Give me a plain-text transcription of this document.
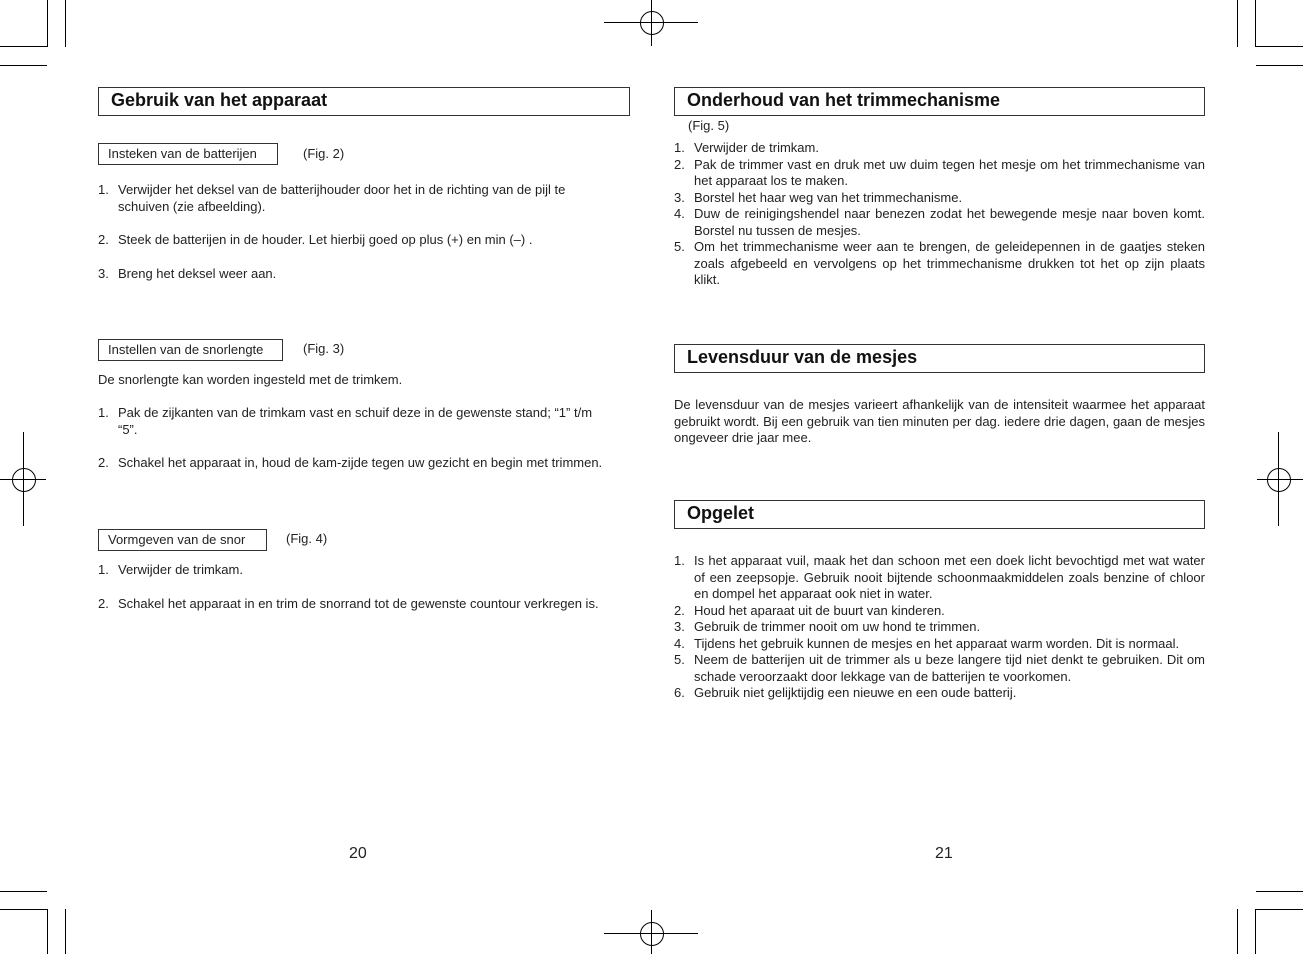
Gebruik van het apparaat
Insteken van de batterijen	(Fig. 2)
1. Verwijder het deksel van de batterijhouder door het in de richting van de pijl te schuiven (zie afbeelding).
2. Steek de batterijen in de houder. Let hierbij goed op plus (+) en min (–) .
3. Breng het deksel weer aan.
Instellen van de snorlengte	(Fig. 3)

De snorlengte kan worden ingesteld met de trimkem.

1. Pak de zijkanten van de trimkam vast en schuif deze in de gewenste stand; “1” t/m “5”.
2. Schakel het apparaat in, houd de kam-zijde tegen uw gezicht en begin met trimmen.
Vormgeven van de snor	(Fig. 4)
1. Verwijder de trimkam.
2. Schakel het apparaat in en trim de snorrand tot de gewenste countour verkregen is.
20
Onderhoud van het trimmechanisme
(Fig. 5)
1. Verwijder de trimkam.
2. Pak de trimmer vast en druk met uw duim tegen het mesje om het trimmechanisme van het apparaat los te maken.
3. Borstel het haar weg van het trimmechanisme.
4. Duw de reinigingshendel naar benezen zodat het bewegende mesje naar boven komt. Borstel nu tussen de mesjes.
5. Om het trimmechanisme weer aan te brengen, de geleidepennen in de gaatjes steken zoals afgebeeld en vervolgens op het trimmechanisme drukken tot het op zijn plaats klikt.
Levensduur van de mesjes

De levensduur van de mesjes varieert afhankelijk van de intensiteit waarmee het apparaat gebruikt wordt. Bij een gebruik van tien minuten per dag. iedere drie dagen, gaan de mesjes ongeveer drie jaar mee.

Opgelet
1. Is het apparaat vuil, maak het dan schoon met een doek licht bevochtigd met wat water of een zeepsopje. Gebruik nooit bijtende schoonmaakmiddelen zoals benzine of chloor en dompel het apparaat ook niet in water.
2. Houd het aparaat uit de buurt van kinderen.
3. Gebruik de trimmer nooit om uw hond te trimmen.
4. Tijdens het gebruik kunnen de mesjes en het apparaat warm worden. Dit is normaal.
5. Neem de batterijen uit de trimmer als u beze langere tijd niet denkt te gebruiken. Dit om schade veroorzaakt door lekkage van de batterijen te voorkomen.
6. Gebruik niet gelijktijdig een nieuwe en een oude batterij.
21
